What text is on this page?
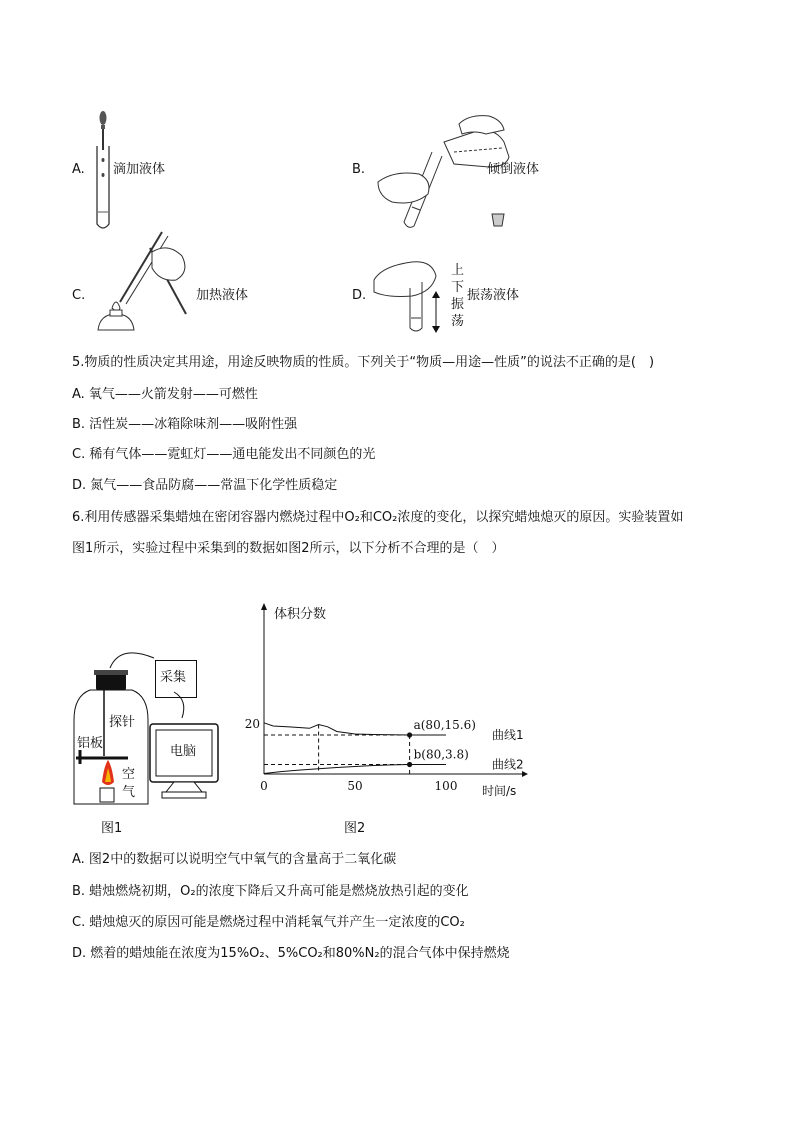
A. 滴加液体	B.	倾倒液体
C.	加热液体	D.
上
下
振
荡
振荡液体
5.物质的性质决定其用途，用途反映物质的性质。下列关于“物质—用途—性质”的说法不正确的是(　)
A. 氧气——火箭发射——可燃性
B. 活性炭——冰箱除味剂——吸附性强
C. 稀有气体——霓虹灯——通电能发出不同颜色的光
D. 氮气——食品防腐——常温下化学性质稳定
6.利用传感器采集蜡烛在密闭容器内燃烧过程中O₂和CO₂浓度的变化，以探究蜡烛熄灭的原因。实验装置如
图1所示，实验过程中采集到的数据如图2所示，以下分析不合理的是（　）
采集
探针
铝板
电脑
空
气
图1
体积分数
时间/s
0	50	100
20
曲线1
曲线2
a(80,15.6)
b(80,3.8)
图2
A. 图2中的数据可以说明空气中氧气的含量高于二氧化碳
B. 蜡烛燃烧初期，O₂的浓度下降后又升高可能是燃烧放热引起的变化
C. 蜡烛熄灭的原因可能是燃烧过程中消耗氧气并产生一定浓度的CO₂
D. 燃着的蜡烛能在浓度为15%O₂、5%CO₂和80%N₂的混合气体中保持燃烧
